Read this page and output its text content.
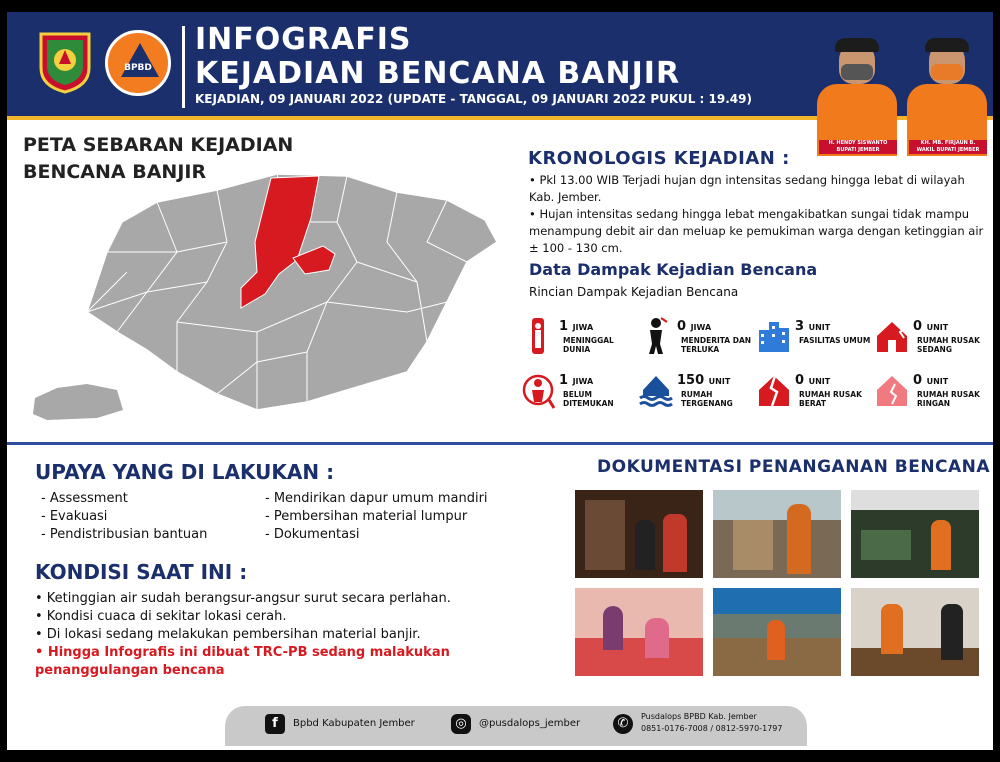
BPBD
INFOGRAFIS
KEJADIAN BENCANA BANJIR
KEJADIAN, 09 JANUARI 2022 (UPDATE - TANGGAL, 09 JANUARI 2022 PUKUL : 19.49)
H. HENDY SISWANTO
BUPATI JEMBER
KH. MB. FIRJAUN B.
WAKIL BUPATI JEMBER
PETA SEBARAN KEJADIAN BENCANA BANJIR
KRONOLOGIS KEJADIAN :
• Pkl 13.00 WIB Terjadi hujan dgn intensitas sedang hingga lebat di wilayah Kab. Jember.
• Hujan intensitas sedang hingga lebat mengakibatkan sungai tidak mampu menampung debit air dan meluap ke pemukiman warga dengan ketinggian air ± 100 - 130 cm.
Data Dampak Kejadian Bencana
Rincian Dampak Kejadian Bencana
1 JIWA
MENINGGAL DUNIA
0 JIWA
MENDERITA DAN TERLUKA
3 UNIT
FASILITAS UMUM
0 UNIT
RUMAH RUSAK SEDANG
1 JIWA
BELUM DITEMUKAN
150 UNIT
RUMAH TERGENANG
0 UNIT
RUMAH RUSAK BERAT
0 UNIT
RUMAH RUSAK RINGAN
UPAYA YANG DI LAKUKAN :
- Assessment
- Evakuasi
- Pendistribusian bantuan
- Mendirikan dapur umum mandiri
- Pembersihan material lumpur
- Dokumentasi
KONDISI SAAT INI :
• Ketinggian air sudah berangsur-angsur surut secara perlahan.
• Kondisi cuaca di sekitar lokasi cerah.
• Di lokasi sedang melakukan pembersihan material banjir.
• Hingga Infografis ini dibuat TRC-PB sedang malakukan penanggulangan bencana
DOKUMENTASI PENANGANAN BENCANA
f	Bpbd Kabupaten Jember	◎	@pusdalops_jember	✆	Pusdalops BPBD Kab. Jember
0851-0176-7008 / 0812-5970-1797
